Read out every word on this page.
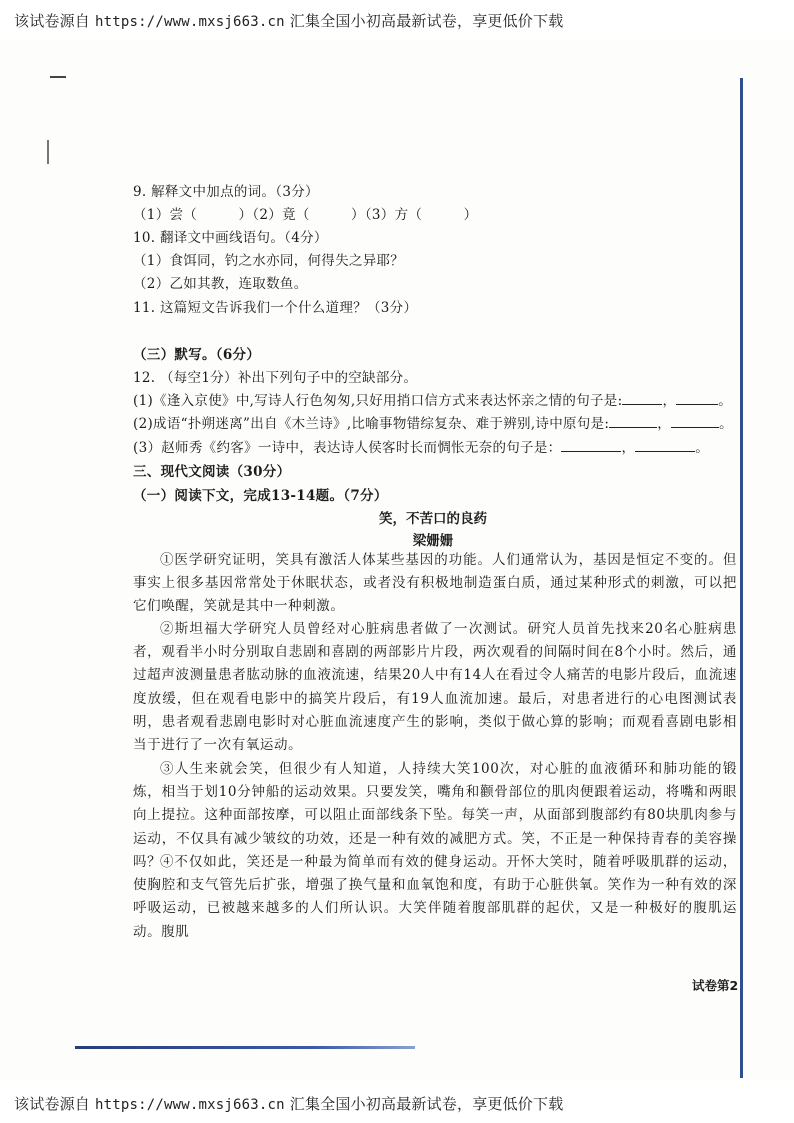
该试卷源自 https://www.mxsj663.cn 汇集全国小初高最新试卷，享更低价下载
9. 解释文中加点的词。（3分）
（1）尝（　　　）（2）竟（　　　）（3）方（　　　）
10. 翻译文中画线语句。（4分）
（1）食饵同，钓之水亦同，何得失之异耶？
（2）乙如其教，连取数鱼。
11. 这篇短文告诉我们一个什么道理？（3分）
（三）默写。（6分）
12. （每空1分）补出下列句子中的空缺部分。
(1)《逢入京使》中,写诗人行色匆匆,只好用捎口信方式来表达怀亲之情的句子是:	，	。
(2)成语“扑朔迷离”出自《木兰诗》,比喻事物错综复杂、难于辨别,诗中原句是:	，	。
(3）赵师秀《约客》一诗中，表达诗人侯客时长而惆怅无奈的句子是：	，	。
三、现代文阅读（30分）
（一）阅读下文，完成13-14题。（7分）
笑，不苦口的良药
梁姗姗
①医学研究证明，笑具有激活人体某些基因的功能。人们通常认为，基因是恒定不变的。但事实上很多基因常常处于休眠状态，或者没有积极地制造蛋白质，通过某种形式的刺激，可以把它们唤醒，笑就是其中一种刺激。
②斯坦福大学研究人员曾经对心脏病患者做了一次测试。研究人员首先找来20名心脏病患者，观看半小时分别取自悲剧和喜剧的两部影片片段，两次观看的间隔时间在8个小时。然后，通过超声波测量患者肱动脉的血液流速，结果20人中有14人在看过令人痛苦的电影片段后，血流速度放缓，但在观看电影中的搞笑片段后，有19人血流加速。最后，对患者进行的心电图测试表明，患者观看悲剧电影时对心脏血流速度产生的影响，类似于做心算的影响；而观看喜剧电影相当于进行了一次有氧运动。
③人生来就会笑，但很少有人知道，人持续大笑100次，对心脏的血液循环和肺功能的锻炼，相当于划10分钟船的运动效果。只要发笑，嘴角和颧骨部位的肌肉便跟着运动，将嘴和两眼向上提拉。这种面部按摩，可以阻止面部线条下坠。每笑一声，从面部到腹部约有80块肌肉参与运动，不仅具有减少皱纹的功效，还是一种有效的减肥方式。笑，不正是一种保持青春的美容操吗？
④不仅如此，笑还是一种最为简单而有效的健身运动。开怀大笑时，随着呼吸肌群的运动，使胸腔和支气管先后扩张，增强了换气量和血氧饱和度，有助于心脏供氧。笑作为一种有效的深呼吸运动，已被越来越多的人们所认识。大笑伴随着腹部肌群的起伏，又是一种极好的腹肌运动。腹肌
试卷第2
该试卷源自 https://www.mxsj663.cn 汇集全国小初高最新试卷，享更低价下载
